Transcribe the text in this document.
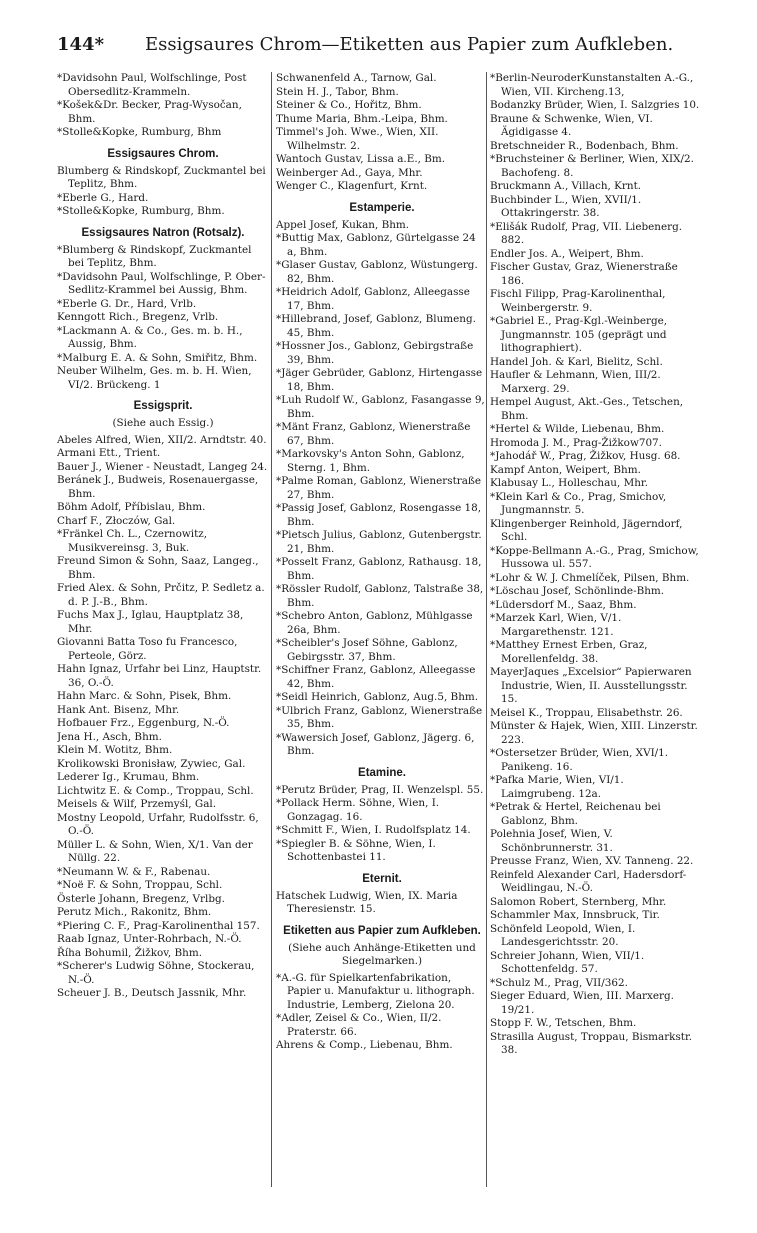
144* Essigsaures Chrom—Etiketten aus Papier zum Aufkleben.

*Davidsohn Paul, Wolfschlinge, Post Obersedlitz-Krammeln.

*Košek&Dr. Becker, Prag-Wysočan, Bhm.

*Stolle&Kopke, Rumburg, Bhm

Essigsaures Chrom.

Blumberg & Rindskopf, Zuckmantel bei Teplitz, Bhm.

*Eberle G., Hard.

*Stolle&Kopke, Rumburg, Bhm.

Essigsaures Natron (Rotsalz).

*Blumberg & Rindskopf, Zuckmantel bei Teplitz, Bhm.

*Davidsohn Paul, Wolfschlinge, P. Ober-Sedlitz-Krammel bei Aussig, Bhm.

*Eberle G. Dr., Hard, Vrlb.

Kenngott Rich., Bregenz, Vrlb.

*Lackmann A. & Co., Ges. m. b. H., Aussig, Bhm.

*Malburg E. A. & Sohn, Smiřitz, Bhm.

Neuber Wilhelm, Ges. m. b. H. Wien, VI/2. Brückeng. 1

Essigsprit.

(Siehe auch Essig.)

Abeles Alfred, Wien, XII/2. Arndtstr. 40.

Armani Ett., Trient.

Bauer J., Wiener - Neustadt, Langeg 24.

Beránek J., Budweis, Rosenauergasse, Bhm.

Böhm Adolf, Příbislau, Bhm.

Charf F., Złoczów, Gal.

*Fränkel Ch. L., Czernowitz, Musikvereinsg. 3, Buk.

Freund Simon & Sohn, Saaz, Langeg., Bhm.

Fried Alex. & Sohn, Prčitz, P. Sedletz a. d. P. J.-B., Bhm.

Fuchs Max J., Iglau, Hauptplatz 38, Mhr.

Giovanni Batta Toso fu Francesco, Perteole, Görz.

Hahn Ignaz, Urfahr bei Linz, Hauptstr. 36, O.-Ö.

Hahn Marc. & Sohn, Pisek, Bhm.

Hank Ant. Bisenz, Mhr.

Hofbauer Frz., Eggenburg, N.-Ö.

Jena H., Asch, Bhm.

Klein M. Wotitz, Bhm.

Krolikowski Bronisław, Zywiec, Gal.

Lederer Ig., Krumau, Bhm.

Lichtwitz E. & Comp., Troppau, Schl.

Meisels & Wilf, Przemyśl, Gal.

Mostny Leopold, Urfahr, Rudolfsstr. 6, O.-Ö.

Müller L. & Sohn, Wien, X/1. Van der Nüllg. 22.

*Neumann W. & F., Rabenau.

*Noë F. & Sohn, Troppau, Schl.

Österle Johann, Bregenz, Vrlbg.

Perutz Mich., Rakonitz, Bhm.

*Piering C. F., Prag-Karolinenthal 157.

Raab Ignaz, Unter-Rohrbach, N.-Ö.

Říha Bohumil, Žižkov, Bhm.

*Scherer's Ludwig Söhne, Stockerau, N.-Ö.

Scheuer J. B., Deutsch Jassnik, Mhr.

Schwanenfeld A., Tarnow, Gal.

Stein H. J., Tabor, Bhm.

Steiner & Co., Hořitz, Bhm.

Thume Maria, Bhm.-Leipa, Bhm.

Timmel's Joh. Wwe., Wien, XII. Wilhelmstr. 2.

Wantoch Gustav, Lissa a.E., Bm.

Weinberger Ad., Gaya, Mhr.

Wenger C., Klagenfurt, Krnt.

Estamperie.

Appel Josef, Kukan, Bhm.

*Buttig Max, Gablonz, Gürtelgasse 24 a, Bhm.

*Glaser Gustav, Gablonz, Wüstungerg. 82, Bhm.

*Heidrich Adolf, Gablonz, Alleegasse 17, Bhm.

*Hillebrand, Josef, Gablonz, Blumeng. 45, Bhm.

*Hossner Jos., Gablonz, Gebirgstraße 39, Bhm.

*Jäger Gebrüder, Gablonz, Hirtengasse 18, Bhm.

*Luh Rudolf W., Gablonz, Fasangasse 9, Bhm.

*Mänt Franz, Gablonz, Wienerstraße 67, Bhm.

*Markovsky's Anton Sohn, Gablonz, Sterng. 1, Bhm.

*Palme Roman, Gablonz, Wienerstraße 27, Bhm.

*Passig Josef, Gablonz, Rosengasse 18, Bhm.

*Pietsch Julius, Gablonz, Gutenbergstr. 21, Bhm.

*Posselt Franz, Gablonz, Rathausg. 18, Bhm.

*Rössler Rudolf, Gablonz, Talstraße 38, Bhm.

*Schebro Anton, Gablonz, Mühlgasse 26a, Bhm.

*Scheibler's Josef Söhne, Gablonz, Gebirgsstr. 37, Bhm.

*Schiffner Franz, Gablonz, Alleegasse 42, Bhm.

*Seidl Heinrich, Gablonz, Aug.5, Bhm.

*Ulbrich Franz, Gablonz, Wienerstraße 35, Bhm.

*Wawersich Josef, Gablonz, Jägerg. 6, Bhm.

Etamine.

*Perutz Brüder, Prag, II. Wenzelspl. 55.

*Pollack Herm. Söhne, Wien, I. Gonzagag. 16.

*Schmitt F., Wien, I. Rudolfsplatz 14.

*Spiegler B. & Söhne, Wien, I. Schottenbastei 11.

Eternit.

Hatschek Ludwig, Wien, IX. Maria Theresienstr. 15.

Etiketten aus Papier zum Aufkleben.

(Siehe auch Anhänge-Etiketten und Siegelmarken.)

*A.-G. für Spielkartenfabrikation, Papier u. Manufaktur u. lithograph. Industrie, Lemberg, Zielona 20.

*Adler, Zeisel & Co., Wien, II/2. Praterstr. 66.

Ahrens & Comp., Liebenau, Bhm.

*Berlin-NeuroderKunstanstalten A.-G., Wien, VII. Kircheng.13,

Bodanzky Brüder, Wien, I. Salzgries 10.

Braune & Schwenke, Wien, VI. Ägidigasse 4.

Bretschneider R., Bodenbach, Bhm.

*Bruchsteiner & Berliner, Wien, XIX/2. Bachofeng. 8.

Bruckmann A., Villach, Krnt.

Buchbinder L., Wien, XVII/1. Ottakringerstr. 38.

*Elišák Rudolf, Prag, VII. Liebenerg. 882.

Endler Jos. A., Weipert, Bhm.

Fischer Gustav, Graz, Wienerstraße 186.

Fischl Filipp, Prag-Karolinenthal, Weinbergerstr. 9.

*Gabriel E., Prag-Kgl.-Weinberge, Jungmannstr. 105 (geprägt und lithographiert).

Handel Joh. & Karl, Bielitz, Schl.

Haufler & Lehmann, Wien, III/2. Marxerg. 29.

Hempel August, Akt.-Ges., Tetschen, Bhm.

*Hertel & Wilde, Liebenau, Bhm.

Hromoda J. M., Prag-Žižkow707.

*Jahodář W., Prag, Žižkov, Husg. 68.

Kampf Anton, Weipert, Bhm.

Klabusay L., Holleschau, Mhr.

*Klein Karl & Co., Prag, Smichov, Jungmannstr. 5.

Klingenberger Reinhold, Jägerndorf, Schl.

*Koppe-Bellmann A.-G., Prag, Smichow, Hussowa ul. 557.

*Lohr & W. J. Chmelíček, Pilsen, Bhm.

*Löschau Josef, Schönlinde-Bhm.

*Lüdersdorf M., Saaz, Bhm.

*Marzek Karl, Wien, V/1. Margarethenstr. 121.

*Matthey Ernest Erben, Graz, Morellenfeldg. 38.

MayerJaques „Excelsior“ Papierwaren Industrie, Wien, II. Ausstellungsstr. 15.

Meisel K., Troppau, Elisabethstr. 26.

Münster & Hajek, Wien, XIII. Linzerstr. 223.

*Ostersetzer Brüder, Wien, XVI/1. Panikeng. 16.

*Pafka Marie, Wien, VI/1. Laimgrubeng. 12a.

*Petrak & Hertel, Reichenau bei Gablonz, Bhm.

Polehnia Josef, Wien, V. Schönbrunnerstr. 31.

Preusse Franz, Wien, XV. Tanneng. 22.

Reinfeld Alexander Carl, Hadersdorf-Weidlingau, N.-Ö.

Salomon Robert, Sternberg, Mhr.

Schammler Max, Innsbruck, Tir.

Schönfeld Leopold, Wien, I. Landesgerichtsstr. 20.

Schreier Johann, Wien, VII/1. Schottenfeldg. 57.

*Schulz M., Prag, VII/362.

Sieger Eduard, Wien, III. Marxerg. 19/21.

Stopp F. W., Tetschen, Bhm.

Strasilla August, Troppau, Bismarkstr. 38.
